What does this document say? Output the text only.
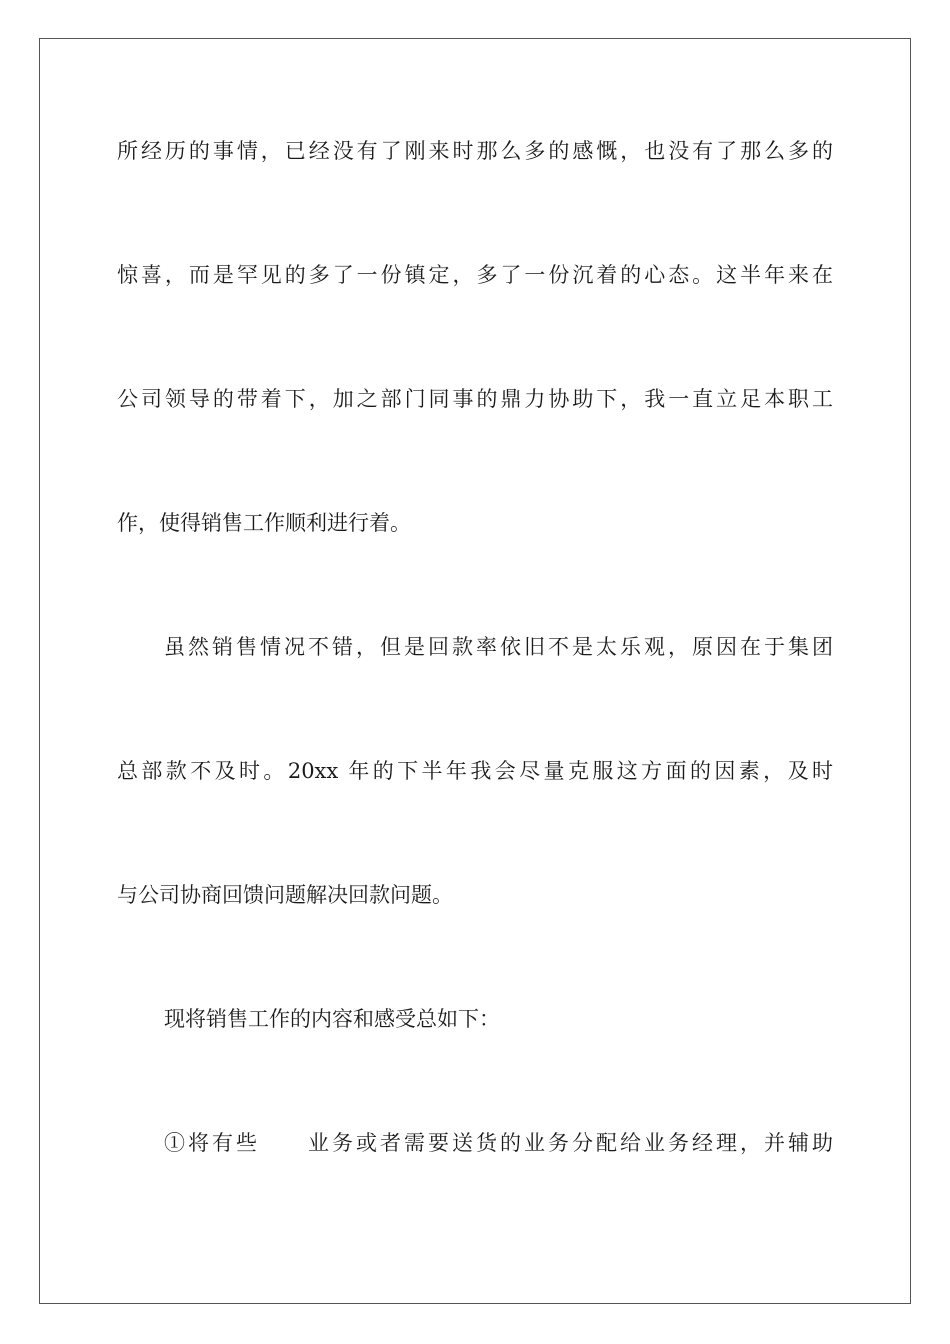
所经历的事情，已经没有了刚来时那么多的感慨，也没有了那么多的
惊喜，而是罕见的多了一份镇定，多了一份沉着的心态。这半年来在
公司领导的带着下，加之部门同事的鼎力协助下，我一直立足本职工
作，使得销售工作顺利进行着。
虽然销售情况不错，但是回款率依旧不是太乐观，原因在于集团
总部款不及时。20xx 年的下半年我会尽量克服这方面的因素，及时
与公司协商回馈问题解决回款问题。
现将销售工作的内容和感受总如下：
①将有些　　业务或者需要送货的业务分配给业务经理，并辅助
